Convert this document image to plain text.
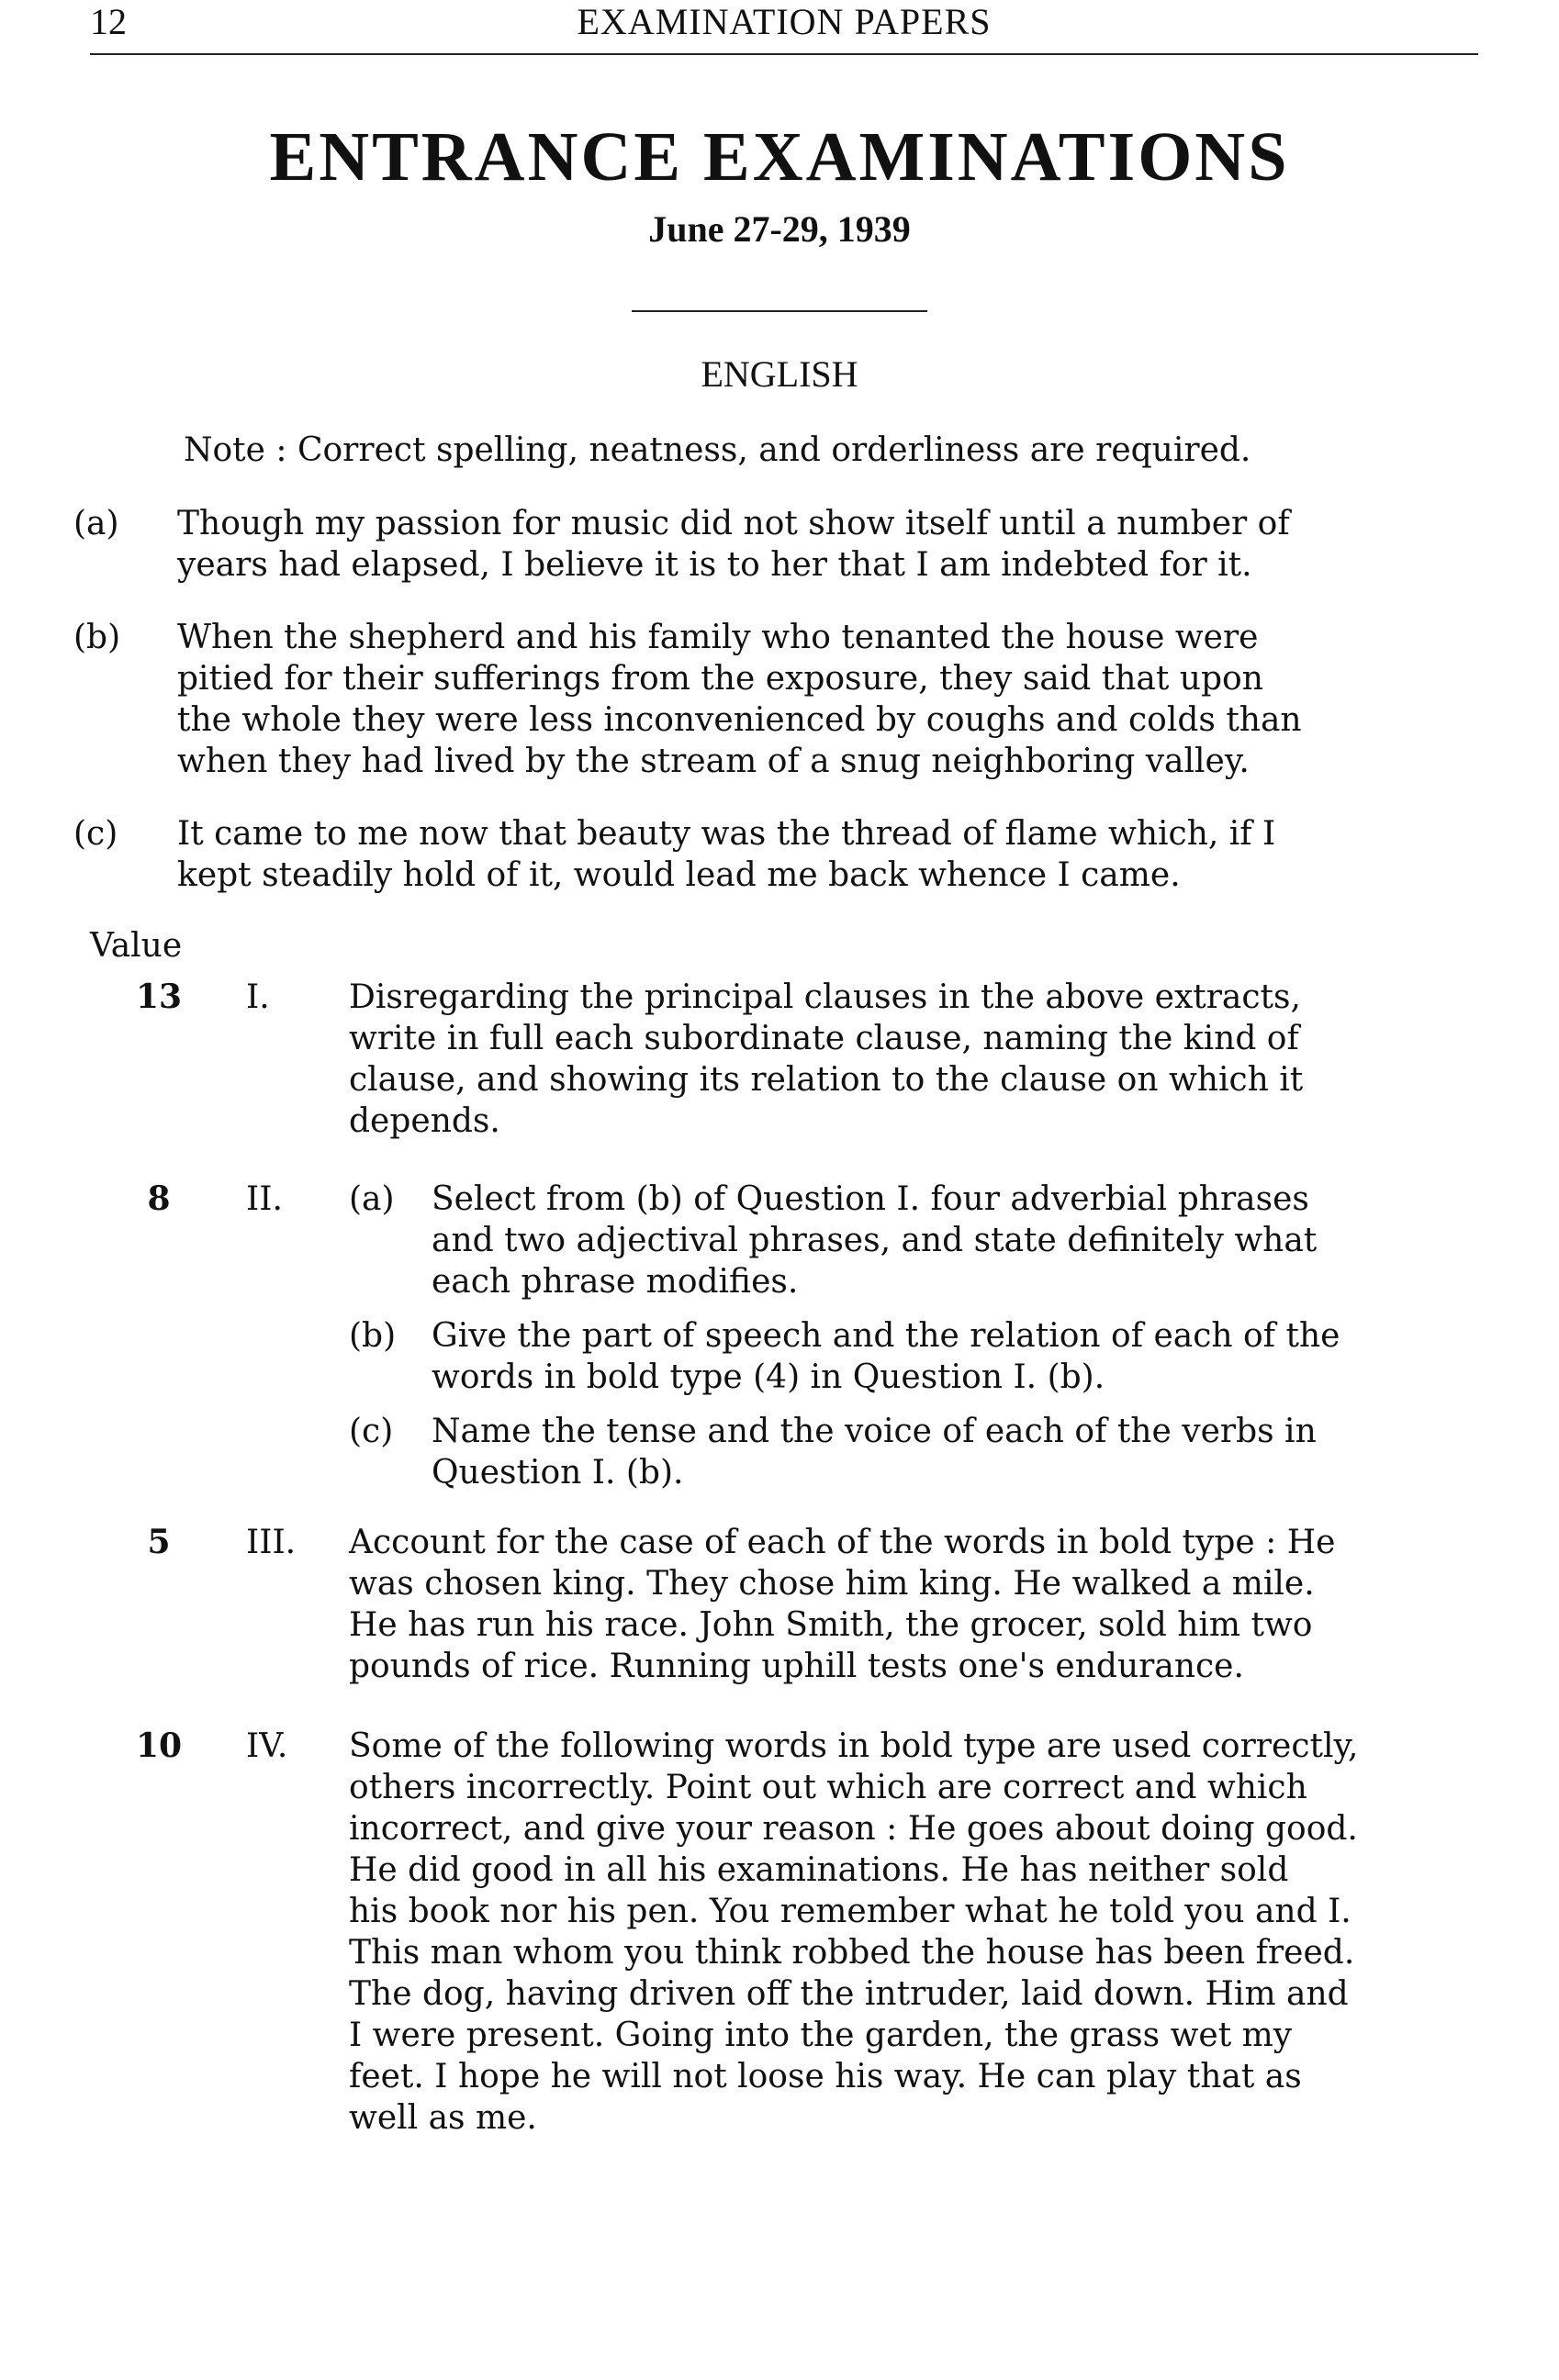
12	EXAMINATION PAPERS
ENTRANCE EXAMINATIONS
June 27-29, 1939
ENGLISH
Note : Correct spelling, neatness, and orderliness are required.
(a) Though my passion for music did not show itself until a number of
years had elapsed, I believe it is to her that I am indebted for it.
(b) When the shepherd and his family who tenanted the house were
pitied for their sufferings from the exposure, they said that upon
the whole they were less inconvenienced by coughs and colds than
when they had lived by the stream of a snug neighboring valley.
(c) It came to me now that beauty was the thread of flame which, if I
kept steadily hold of it, would lead me back whence I came.
Value
13	I. Disregarding the principal clauses in the above extracts,
write in full each subordinate clause, naming the kind of
clause, and showing its relation to the clause on which it
depends.
8	II. (a) Select from (b) of Question I. four adverbial phrases
and two adjectival phrases, and state definitely what
each phrase modifies.
(b) Give the part of speech and the relation of each of the
words in bold type (4) in Question I. (b).
(c) Name the tense and the voice of each of the verbs in
Question I. (b).
5	III. Account for the case of each of the words in bold type : He
was chosen king. They chose him king. He walked a mile.
He has run his race. John Smith, the grocer, sold him two
pounds of rice. Running uphill tests one's endurance.
10	IV. Some of the following words in bold type are used correctly,
others incorrectly. Point out which are correct and which
incorrect, and give your reason : He goes about doing good.
He did good in all his examinations. He has neither sold
his book nor his pen. You remember what he told you and I.
This man whom you think robbed the house has been freed.
The dog, having driven off the intruder, laid down. Him and
I were present. Going into the garden, the grass wet my
feet. I hope he will not loose his way. He can play that as
well as me.
